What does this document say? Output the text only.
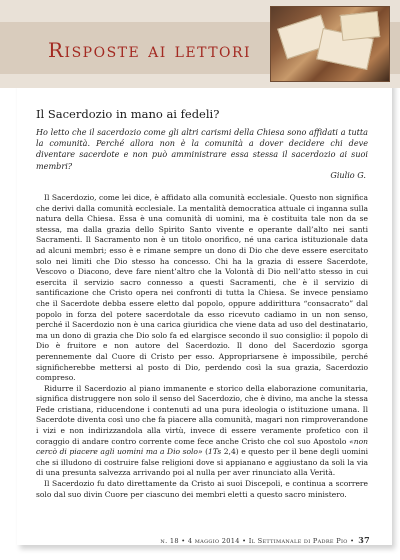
Risposte ai lettori
Il Sacerdozio in mano ai fedeli?
Ho letto che il sacerdozio come gli altri carismi della Chiesa sono affidati a tutta la comunità. Perché allora non è la comunità a dover decidere chi deve diventare sacerdote e non può amministrare essa stessa il sacerdozio ai suoi membri?
Giulio G.

Il Sacerdozio, come lei dice, è affidato alla comunità ecclesiale. Questo non significa che derivi dalla comunità ecclesiale. La mentalità democratica attuale ci inganna sulla natura della Chiesa. Essa è una comunità di uomini, ma è costituita tale non da se stessa, ma dalla grazia dello Spirito Santo vivente e operante dall’alto nei santi Sacramenti. Il Sacramento non è un titolo onorifico, né una carica istituzionale data ad alcuni membri; esso è e rimane sempre un dono di Dio che deve essere esercitato solo nei limiti che Dio stesso ha concesso. Chi ha la grazia di essere Sacerdote, Vescovo o Diacono, deve fare nient’altro che la Volontà di Dio nell’atto stesso in cui esercita il servizio sacro connesso a questi Sacramenti, che è il servizio di santificazione che Cristo opera nei confronti di tutta la Chiesa. Se invece pensiamo che il Sacerdote debba essere eletto dal popolo, oppure addirittura “consacrato” dal popolo in forza del potere sacerdotale da esso ricevuto cadiamo in un non senso, perché il Sacerdozio non è una carica giuridica che viene data ad uso del destinatario, ma un dono di grazia che Dio solo fa ed elargisce secondo il suo consiglio: il popolo di Dio è fruitore e non autore del Sacerdozio. Il dono del Sacerdozio sgorga perennemente dal Cuore di Cristo per esso. Appropriarsene è impossibile, perché significherebbe mettersi al posto di Dio, perdendo così la sua grazia, Sacerdozio compreso.

Ridurre il Sacerdozio al piano immanente e storico della elaborazione comunitaria, significa distruggere non solo il senso del Sacerdozio, che è divino, ma anche la stessa Fede cristiana, riducendone i contenuti ad una pura ideologia o istituzione umana. Il Sacerdote diventa così uno che fa piacere alla comunità, magari non rimproverandone i vizi e non indirizzandola alla virtù, invece di essere veramente profetico con il coraggio di andare contro corrente come fece anche Cristo che col suo Apostolo «non cercò di piacere agli uomini ma a Dio solo» (1Ts 2,4) e questo per il bene degli uomini che si illudono di costruire false religioni dove si appianano e aggiustano da soli la via di una presunta salvezza arrivando poi al nulla per aver rinunciato alla Verità.

Il Sacerdozio fu dato direttamente da Cristo ai suoi Discepoli, e continua a scorrere solo dal suo divin Cuore per ciascuno dei membri eletti a questo sacro ministero.

n. 18 • 4 maggio 2014 • Il Settimanale di Padre Pio • 37
